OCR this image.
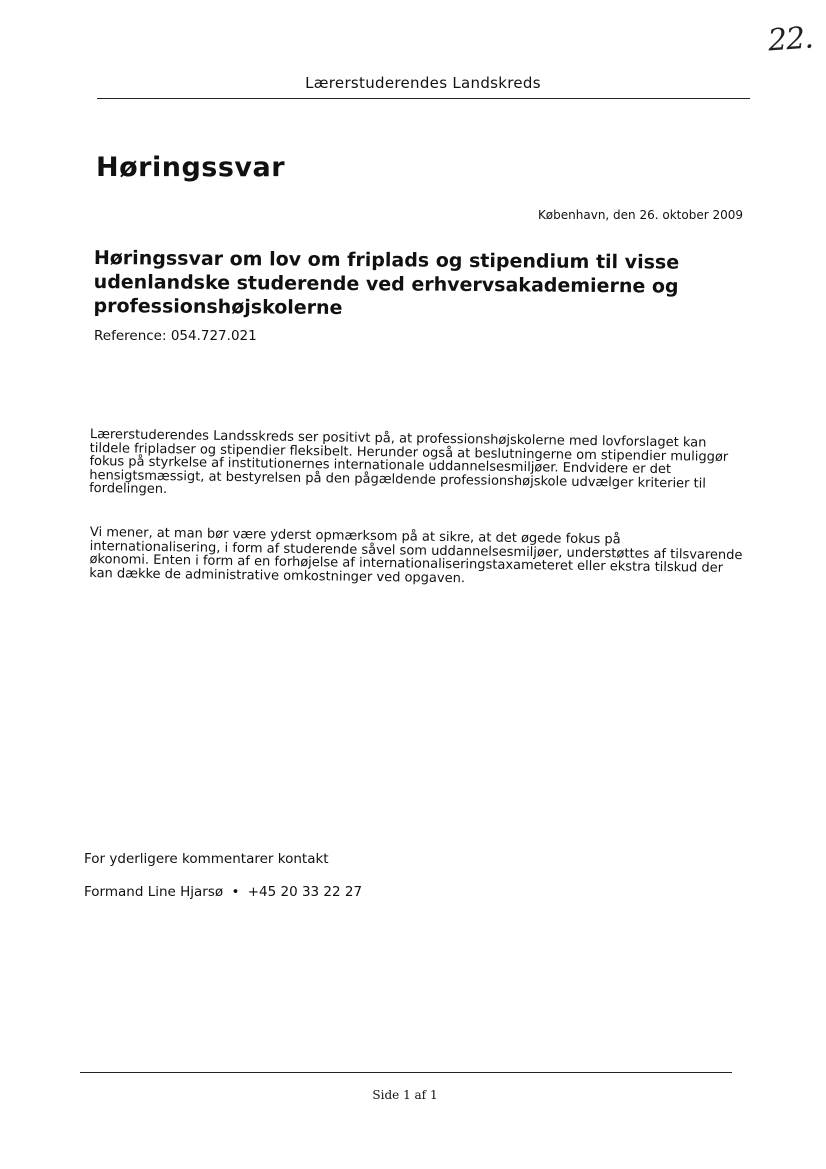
22.
Lærerstuderendes Landskreds
Høringssvar
København, den 26. oktober 2009
Høringssvar om lov om friplads og stipendium til visse udenlandske studerende ved erhvervsakademierne og professionshøjskolerne
Reference: 054.727.021
Lærerstuderendes Landsskreds ser positivt på, at professionshøjskolerne med lovforslaget kan tildele fripladser og stipendier fleksibelt. Herunder også at beslutningerne om stipendier muliggør fokus på styrkelse af institutionernes internationale uddannelsesmiljøer. Endvidere er det hensigtsmæssigt, at bestyrelsen på den pågældende professionshøjskole udvælger kriterier til fordelingen.
Vi mener, at man bør være yderst opmærksom på at sikre, at det øgede fokus på internationalisering, i form af studerende såvel som uddannelsesmiljøer, understøttes af tilsvarende økonomi. Enten i form af en forhøjelse af internationaliseringstaxameteret eller ekstra tilskud der kan dække de administrative omkostninger ved opgaven.
For yderligere kommentarer kontakt
Formand Line Hjarsø • +45 20 33 22 27
Side 1 af 1
